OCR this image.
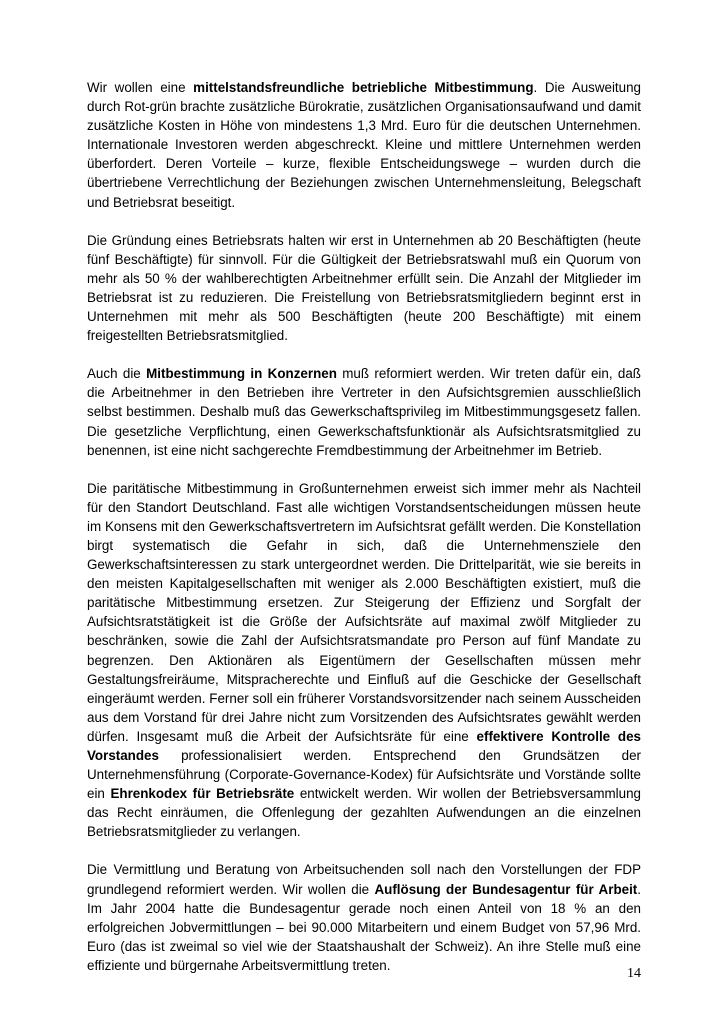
Wir wollen eine mittelstandsfreundliche betriebliche Mitbestimmung. Die Ausweitung durch Rot-grün brachte zusätzliche Bürokratie, zusätzlichen Organisationsaufwand und damit zusätzliche Kosten in Höhe von mindestens 1,3 Mrd. Euro für die deutschen Unternehmen. Internationale Investoren werden abgeschreckt. Kleine und mittlere Unternehmen werden überfordert. Deren Vorteile – kurze, flexible Entscheidungswege – wurden durch die übertriebene Verrechtlichung der Beziehungen zwischen Unternehmensleitung, Belegschaft und Betriebsrat beseitigt.

Die Gründung eines Betriebsrats halten wir erst in Unternehmen ab 20 Beschäftigten (heute fünf Beschäftigte) für sinnvoll. Für die Gültigkeit der Betriebsratswahl muß ein Quorum von mehr als 50 % der wahlberechtigten Arbeitnehmer erfüllt sein. Die Anzahl der Mitglieder im Betriebsrat ist zu reduzieren. Die Freistellung von Betriebsratsmitgliedern beginnt erst in Unternehmen mit mehr als 500 Beschäftigten (heute 200 Beschäftigte) mit einem freigestellten Betriebsratsmitglied.

Auch die Mitbestimmung in Konzernen muß reformiert werden. Wir treten dafür ein, daß die Arbeitnehmer in den Betrieben ihre Vertreter in den Aufsichtsgremien ausschließlich selbst bestimmen. Deshalb muß das Gewerkschaftsprivileg im Mitbestimmungsgesetz fallen. Die gesetzliche Verpflichtung, einen Gewerkschaftsfunktionär als Aufsichtsratsmitglied zu benennen, ist eine nicht sachgerechte Fremdbestimmung der Arbeitnehmer im Betrieb.

Die paritätische Mitbestimmung in Großunternehmen erweist sich immer mehr als Nachteil für den Standort Deutschland. Fast alle wichtigen Vorstandsentscheidungen müssen heute im Konsens mit den Gewerkschaftsvertretern im Aufsichtsrat gefällt werden. Die Konstellation birgt systematisch die Gefahr in sich, daß die Unternehmensziele den Gewerkschaftsinteressen zu stark untergeordnet werden. Die Drittelparität, wie sie bereits in den meisten Kapitalgesellschaften mit weniger als 2.000 Beschäftigten existiert, muß die paritätische Mitbestimmung ersetzen. Zur Steigerung der Effizienz und Sorgfalt der Aufsichtsratstätigkeit ist die Größe der Aufsichtsräte auf maximal zwölf Mitglieder zu beschränken, sowie die Zahl der Aufsichtsratsmandate pro Person auf fünf Mandate zu begrenzen. Den Aktionären als Eigentümern der Gesellschaften müssen mehr Gestaltungsfreiräume, Mitspracherechte und Einfluß auf die Geschicke der Gesellschaft eingeräumt werden. Ferner soll ein früherer Vorstandsvorsitzender nach seinem Ausscheiden aus dem Vorstand für drei Jahre nicht zum Vorsitzenden des Aufsichtsrates gewählt werden dürfen. Insgesamt muß die Arbeit der Aufsichtsräte für eine effektivere Kontrolle des Vorstandes professionalisiert werden. Entsprechend den Grundsätzen der Unternehmensführung (Corporate-Governance-Kodex) für Aufsichtsräte und Vorstände sollte ein Ehrenkodex für Betriebsräte entwickelt werden. Wir wollen der Betriebsversammlung das Recht einräumen, die Offenlegung der gezahlten Aufwendungen an die einzelnen Betriebsratsmitglieder zu verlangen.

Die Vermittlung und Beratung von Arbeitsuchenden soll nach den Vorstellungen der FDP grundlegend reformiert werden. Wir wollen die Auflösung der Bundesagentur für Arbeit. Im Jahr 2004 hatte die Bundesagentur gerade noch einen Anteil von 18 % an den erfolgreichen Jobvermittlungen – bei 90.000 Mitarbeitern und einem Budget von 57,96 Mrd. Euro (das ist zweimal so viel wie der Staatshaushalt der Schweiz). An ihre Stelle muß eine effiziente und bürgernahe Arbeitsvermittlung treten.

14
